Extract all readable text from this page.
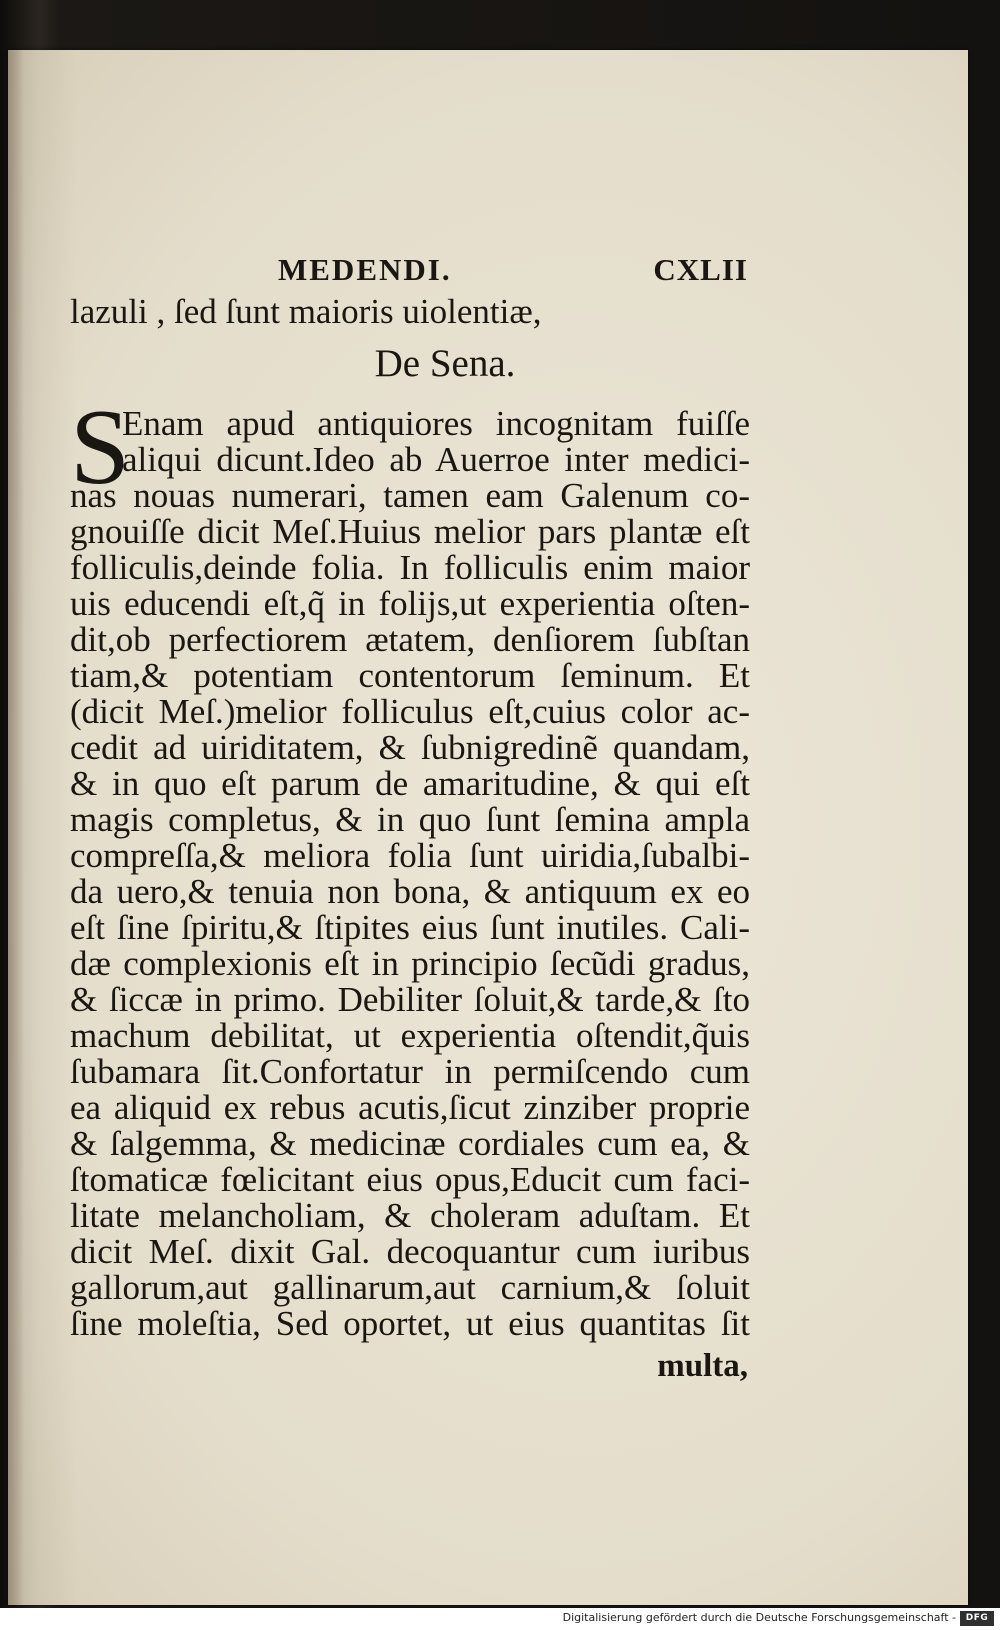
MEDENDI.	CXLII
lazuli , ſed ſunt maioris uiolentiæ,
De Sena.
S
Enam apud antiquiores incognitam fuiſſe
aliqui dicunt.Ideo ab Auerroe inter medici-
nas nouas numerari, tamen eam Galenum co-
gnouiſſe dicit Meſ.Huius melior pars plantæ eſt
folliculis,deinde folia. In folliculis enim maior
uis educendi eſt,q̃ in folijs,ut experientia oſten-
dit,ob perfectiorem ætatem, denſiorem ſubſtan
tiam,& potentiam contentorum ſeminum. Et
(dicit Meſ.)melior folliculus eſt,cuius color ac-
cedit ad uiriditatem, & ſubnigredinẽ quandam,
& in quo eſt parum de amaritudine, & qui eſt
magis completus, & in quo ſunt ſemina ampla
compreſſa,& meliora folia ſunt uiridia,ſubalbi-
da uero,& tenuia non bona, & antiquum ex eo
eſt ſine ſpiritu,& ſtipites eius ſunt inutiles. Cali-
dæ complexionis eſt in principio ſecũdi gradus,
& ſiccæ in primo. Debiliter ſoluit,& tarde,& ſto
machum debilitat, ut experientia oſtendit,q̃uis
ſubamara ſit.Confortatur in permiſcendo cum
ea aliquid ex rebus acutis,ſicut zinziber proprie
& ſalgemma, & medicinæ cordiales cum ea, &
ſtomaticæ fœlicitant eius opus,Educit cum faci-
litate melancholiam, & choleram aduſtam. Et
dicit Meſ. dixit Gal. decoquantur cum iuribus
gallorum,aut gallinarum,aut carnium,& ſoluit
ſine moleſtia, Sed oportet, ut eius quantitas ſit
multa,
Digitalisierung gefördert durch die Deutsche Forschungsgemeinschaft -	DFG
